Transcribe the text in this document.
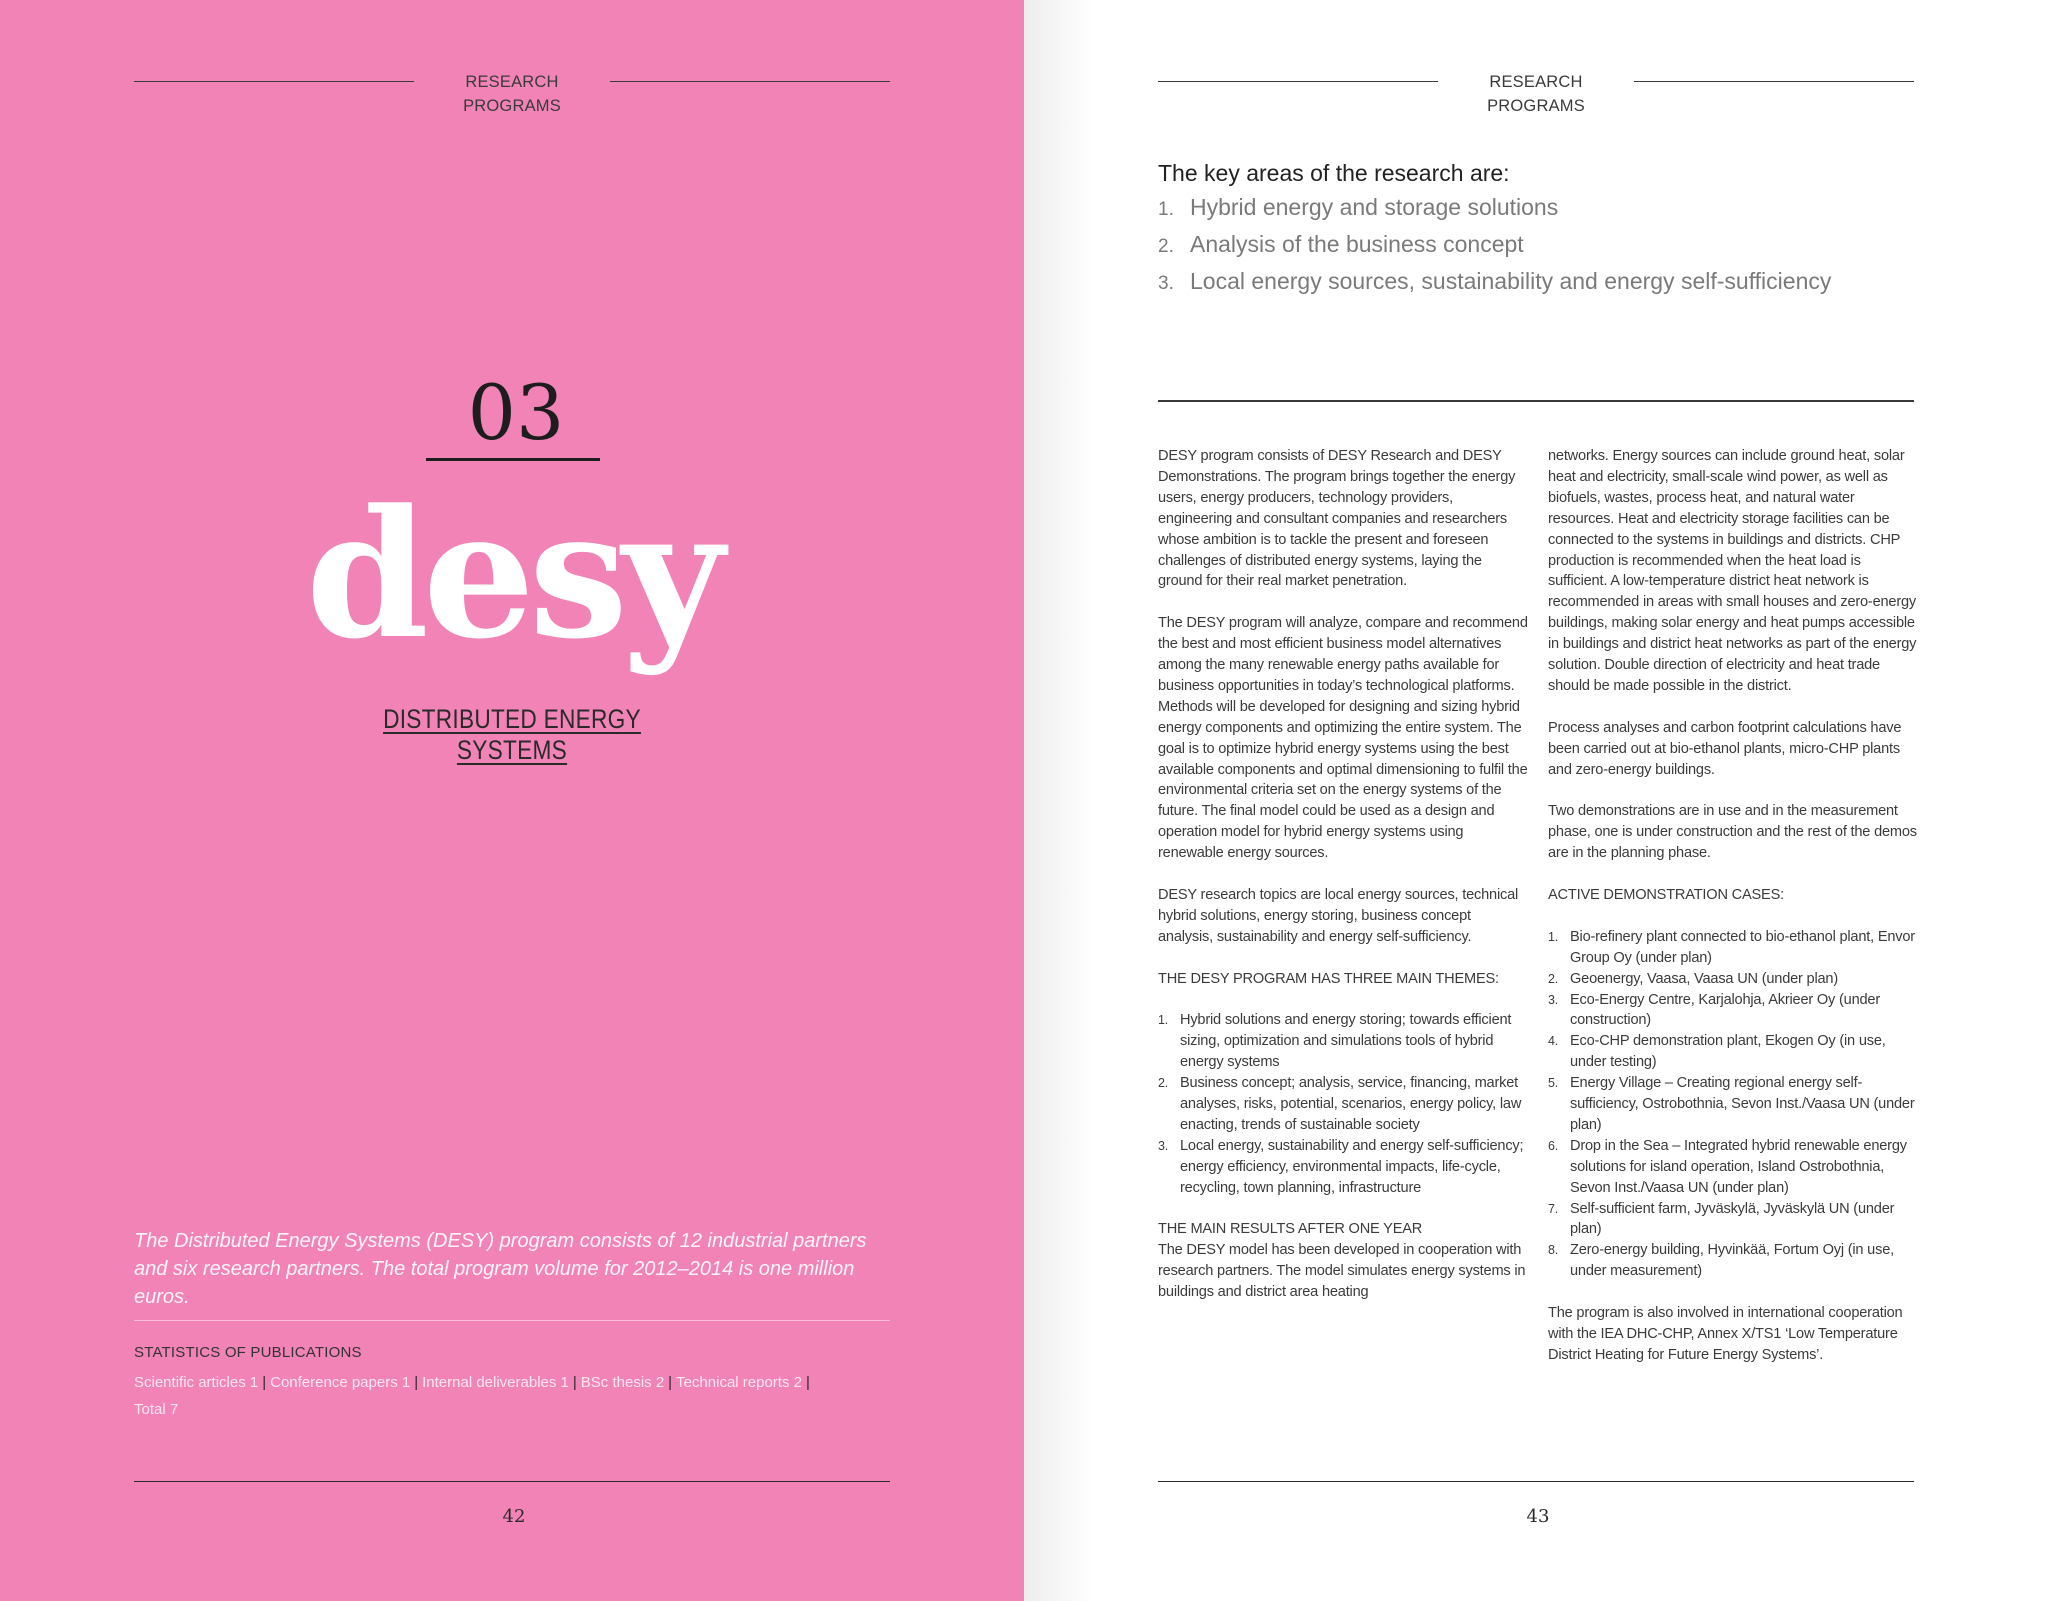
RESEARCH PROGRAMS
03
desy
DISTRIBUTED ENERGY SYSTEMS
The Distributed Energy Systems (DESY) program consists of 12 industrial partners and six research partners. The total program volume for 2012–2014 is one million euros.
STATISTICS OF PUBLICATIONS
Scientific articles 1 | Conference papers 1 | Internal deliverables 1 | BSc thesis 2 | Technical reports 2 |
Total 7
42
RESEARCH PROGRAMS
The key areas of the research are:
1. Hybrid energy and storage solutions
2. Analysis of the business concept
3. Local energy sources, sustainability and energy self-sufficiency

DESY program consists of DESY Research and DESY Demonstrations. The program brings together the energy users, energy producers, technology providers, engineering and consultant companies and researchers whose ambition is to tackle the present and foreseen challenges of distributed energy systems, laying the ground for their real market penetration.

The DESY program will analyze, compare and recommend the best and most efficient business model alternatives among the many renewable energy paths available for business opportunities in today’s technological platforms.

Methods will be developed for designing and sizing hybrid energy components and optimizing the entire system. The goal is to optimize hybrid energy systems using the best available components and optimal dimensioning to fulfil the environmental criteria set on the energy systems of the future. The final model could be used as a design and operation model for hybrid energy systems using renewable energy sources.

DESY research topics are local energy sources, technical hybrid solutions, energy storing, business concept analysis, sustainability and energy self-sufficiency.

THE DESY PROGRAM HAS THREE MAIN THEMES:
1. Hybrid solutions and energy storing; towards efficient sizing, optimization and simulations tools of hybrid energy systems
2. Business concept; analysis, service, financing, market analyses, risks, potential, scenarios, energy policy, law enacting, trends of sustainable society
3. Local energy, sustainability and energy self-sufficiency; energy efficiency, environmental impacts, life-cycle, recycling, town planning, infrastructure
THE MAIN RESULTS AFTER ONE YEAR
The DESY model has been developed in cooperation with research partners. The model simulates energy systems in buildings and district area heating

networks. Energy sources can include ground heat, solar heat and electricity, small-scale wind power, as well as biofuels, wastes, process heat, and natural water resources. Heat and electricity storage facilities can be connected to the systems in buildings and districts. CHP production is recommended when the heat load is sufficient. A low-temperature district heat network is recommended in areas with small houses and zero-energy buildings, making solar energy and heat pumps accessible in buildings and district heat networks as part of the energy solution. Double direction of electricity and heat trade should be made possible in the district.

Process analyses and carbon footprint calculations have been carried out at bio-ethanol plants, micro-CHP plants and zero-energy buildings.

Two demonstrations are in use and in the measurement phase, one is under construction and the rest of the demos are in the planning phase.

ACTIVE DEMONSTRATION CASES:
1. Bio-refinery plant connected to bio-ethanol plant, Envor Group Oy (under plan)
2. Geoenergy, Vaasa, Vaasa UN (under plan)
3. Eco-Energy Centre, Karjalohja, Akrieer Oy (under construction)
4. Eco-CHP demonstration plant, Ekogen Oy (in use, under testing)
5. Energy Village – Creating regional energy self-sufficiency, Ostrobothnia, Sevon Inst./Vaasa UN (under plan)
6. Drop in the Sea – Integrated hybrid renewable energy solutions for island operation, Island Ostrobothnia, Sevon Inst./Vaasa UN (under plan)
7. Self-sufficient farm, Jyväskylä, Jyväskylä UN (under plan)
8. Zero-energy building, Hyvinkää, Fortum Oyj (in use, under measurement)

The program is also involved in international cooperation with the IEA DHC-CHP, Annex X/TS1 ‘Low Temperature District Heating for Future Energy Systems’.

43
